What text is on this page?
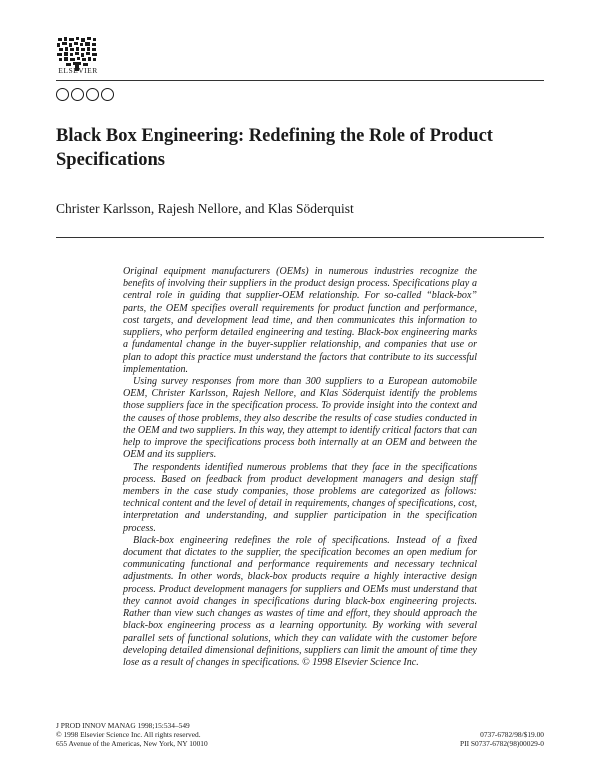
ELSEVIER
Black Box Engineering: Redefining the Role of Product Specifications

Christer Karlsson, Rajesh Nellore, and Klas Söderquist

Original equipment manufacturers (OEMs) in numerous industries recognize the benefits of involving their suppliers in the product design process. Specifications play a central role in guiding that supplier-OEM relationship. For so-called “black-box” parts, the OEM specifies overall requirements for product function and performance, cost targets, and development lead time, and then communicates this information to suppliers, who perform detailed engineering and testing. Black-box engineering marks a fundamental change in the buyer-supplier relationship, and companies that use or plan to adopt this practice must understand the factors that contribute to its successful implementation.

Using survey responses from more than 300 suppliers to a European automobile OEM, Christer Karlsson, Rajesh Nellore, and Klas Söderquist identify the problems those suppliers face in the specification process. To provide insight into the context and the causes of those problems, they also describe the results of case studies conducted in the OEM and two suppliers. In this way, they attempt to identify critical factors that can help to improve the specifications process both internally at an OEM and between the OEM and its suppliers.

The respondents identified numerous problems that they face in the specifications process. Based on feedback from product development managers and design staff members in the case study companies, those problems are categorized as follows: technical content and the level of detail in requirements, changes of specifications, cost, interpretation and understanding, and supplier participation in the specification process.

Black-box engineering redefines the role of specifications. Instead of a fixed document that dictates to the supplier, the specification becomes an open medium for communicating functional and performance requirements and necessary technical adjustments. In other words, black-box products require a highly interactive design process. Product development managers for suppliers and OEMs must understand that they cannot avoid changes in specifications during black-box engineering projects. Rather than view such changes as wastes of time and effort, they should approach the black-box engineering process as a learning opportunity. By working with several parallel sets of functional solutions, which they can validate with the customer before developing detailed dimensional definitions, suppliers can limit the amount of time they lose as a result of changes in specifications. © 1998 Elsevier Science Inc.

J PROD INNOV MANAG 1998;15:534–549
© 1998 Elsevier Science Inc. All rights reserved.
655 Avenue of the Americas, New York, NY 10010
0737-6782/98/$19.00
PII S0737-6782(98)00029-0
